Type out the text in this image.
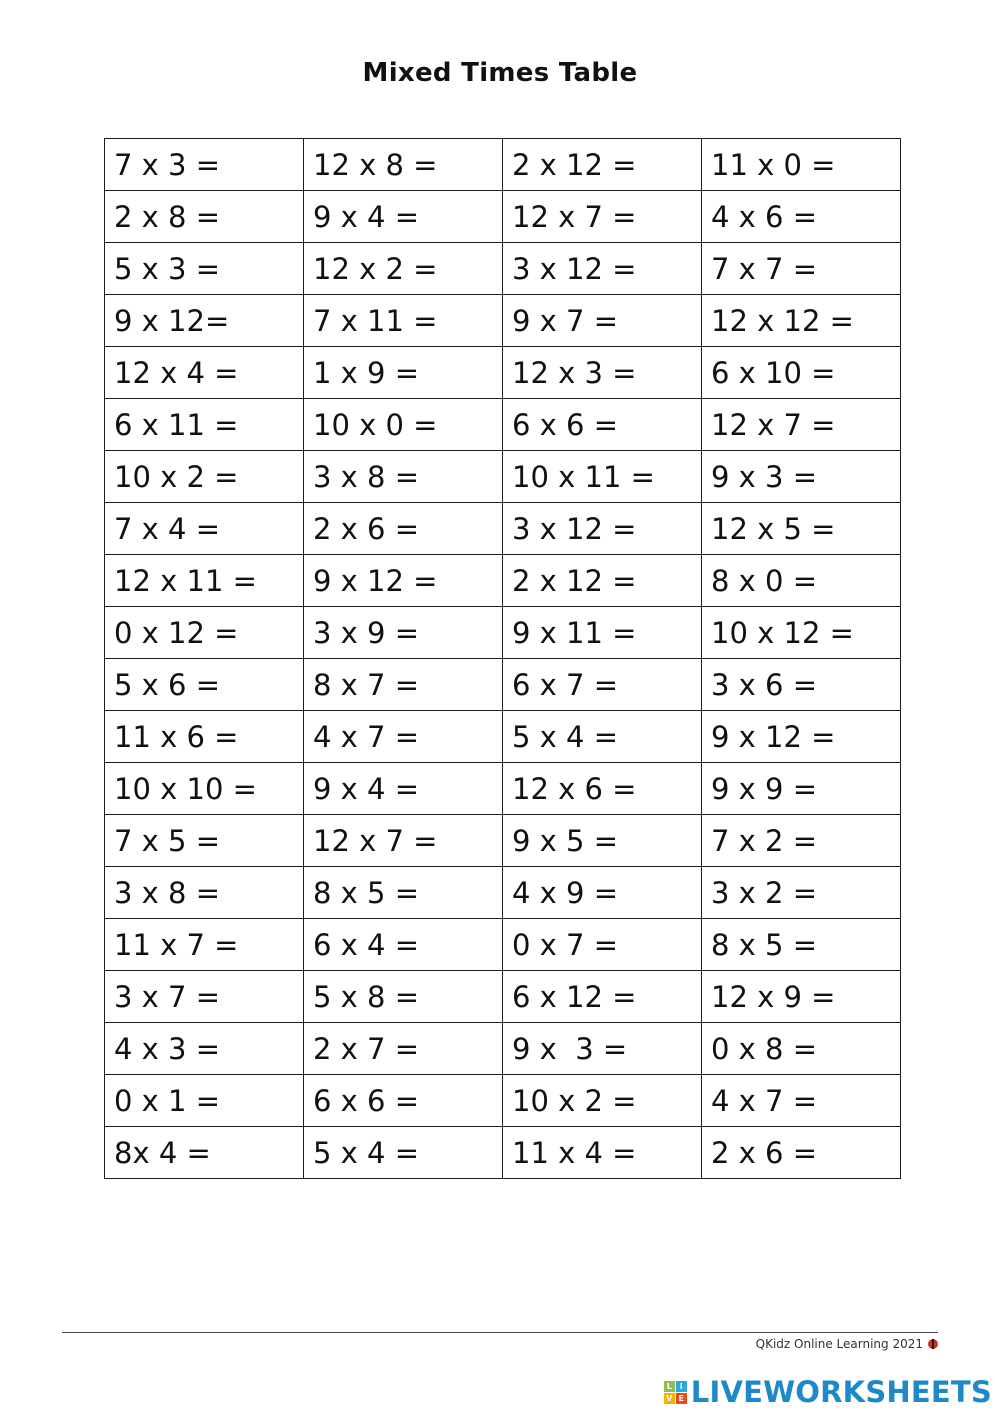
Mixed Times Table
7 x 3 =	12 x 8 =	2 x 12 =	11 x 0 =
2 x 8 =	9 x 4 =	12 x 7 =	4 x 6 =
5 x 3 =	12 x 2 =	3 x 12 =	7 x 7 =
9 x 12=	7 x 11 =	9 x 7 =	12 x 12 =
12 x 4 =	1 x 9 =	12 x 3 =	6 x 10 =
6 x 11 =	10 x 0 =	6 x 6 =	12 x 7 =
10 x 2 =	3 x 8 =	10 x 11 =	9 x 3 =
7 x 4 =	2 x 6 =	3 x 12 =	12 x 5 =
12 x 11 =	9 x 12 =	2 x 12 =	8 x 0 =
0 x 12 =	3 x 9 =	9 x 11 =	10 x 12 =
5 x 6 =	8 x 7 =	6 x 7 =	3 x 6 =
11 x 6 =	4 x 7 =	5 x 4 =	9 x 12 =
10 x 10 =	9 x 4 =	12 x 6 =	9 x 9 =
7 x 5 =	12 x 7 =	9 x 5 =	7 x 2 =
3 x 8 =	8 x 5 =	4 x 9 =	3 x 2 =
11 x 7 =	6 x 4 =	0 x 7 =	8 x 5 =
3 x 7 =	5 x 8 =	6 x 12 =	12 x 9 =
4 x 3 =	2 x 7 =	9 x  3 =	0 x 8 =
0 x 1 =	6 x 6 =	10 x 2 =	4 x 7 =
8x 4 =	5 x 4 =	11 x 4 =	2 x 6 =
QKidz Online Learning 2021
L I
V E LIVEWORKSHEETS
